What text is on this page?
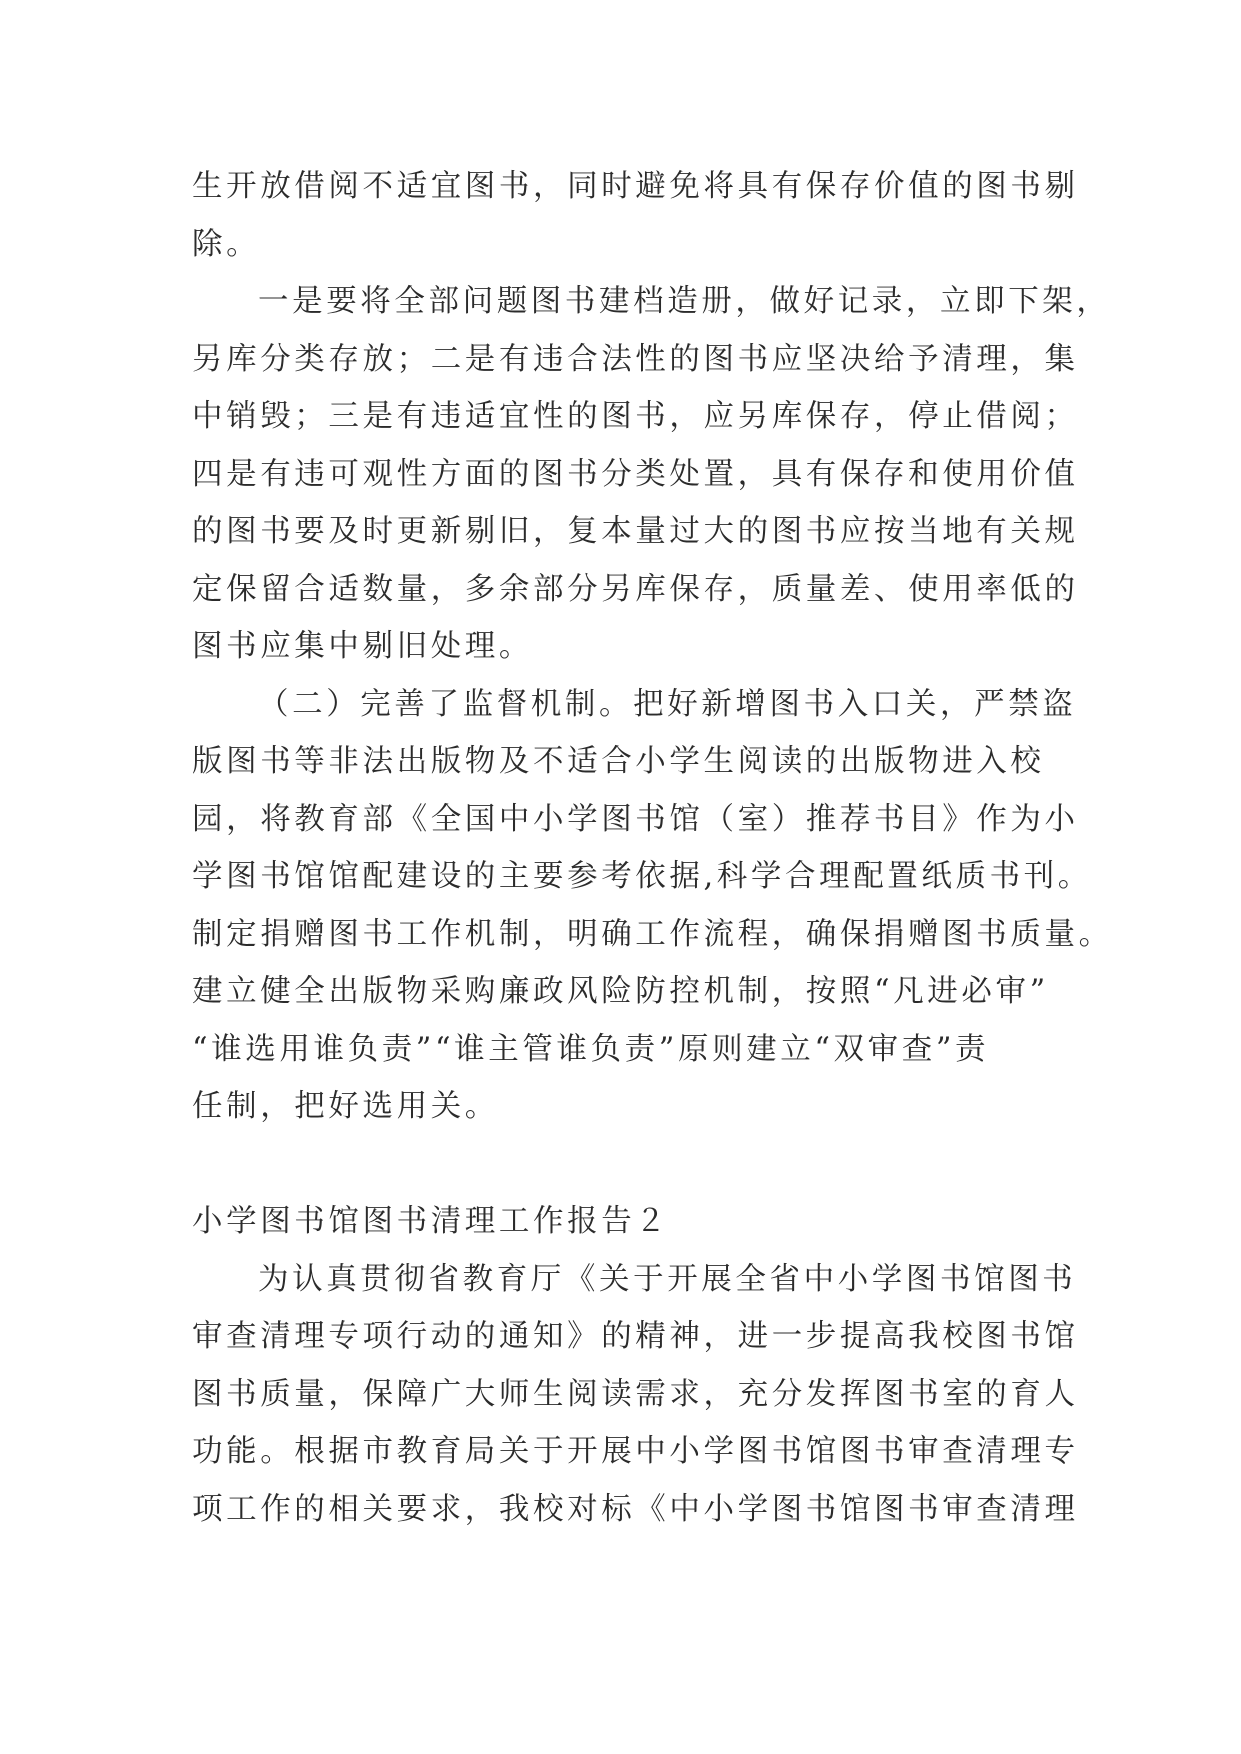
生开放借阅不适宜图书，同时避免将具有保存价值的图书剔
除。
一是要将全部问题图书建档造册，做好记录，立即下架，
另库分类存放；二是有违合法性的图书应坚决给予清理，集
中销毁；三是有违适宜性的图书，应另库保存，停止借阅；
四是有违可观性方面的图书分类处置，具有保存和使用价值
的图书要及时更新剔旧，复本量过大的图书应按当地有关规
定保留合适数量，多余部分另库保存，质量差、使用率低的
图书应集中剔旧处理。
（二）完善了监督机制。把好新增图书入口关，严禁盗
版图书等非法出版物及不适合小学生阅读的出版物进入校
园，将教育部《全国中小学图书馆（室）推荐书目》作为小
学图书馆馆配建设的主要参考依据,科学合理配置纸质书刊。
制定捐赠图书工作机制，明确工作流程，确保捐赠图书质量。
建立健全出版物采购廉政风险防控机制，按照“凡进必审”
“谁选用谁负责”“谁主管谁负责”原则建立“双审查”责
任制，把好选用关。
小学图书馆图书清理工作报告２
为认真贯彻省教育厅《关于开展全省中小学图书馆图书
审查清理专项行动的通知》的精神，进一步提高我校图书馆
图书质量，保障广大师生阅读需求，充分发挥图书室的育人
功能。根据市教育局关于开展中小学图书馆图书审查清理专
项工作的相关要求，我校对标《中小学图书馆图书审查清理
